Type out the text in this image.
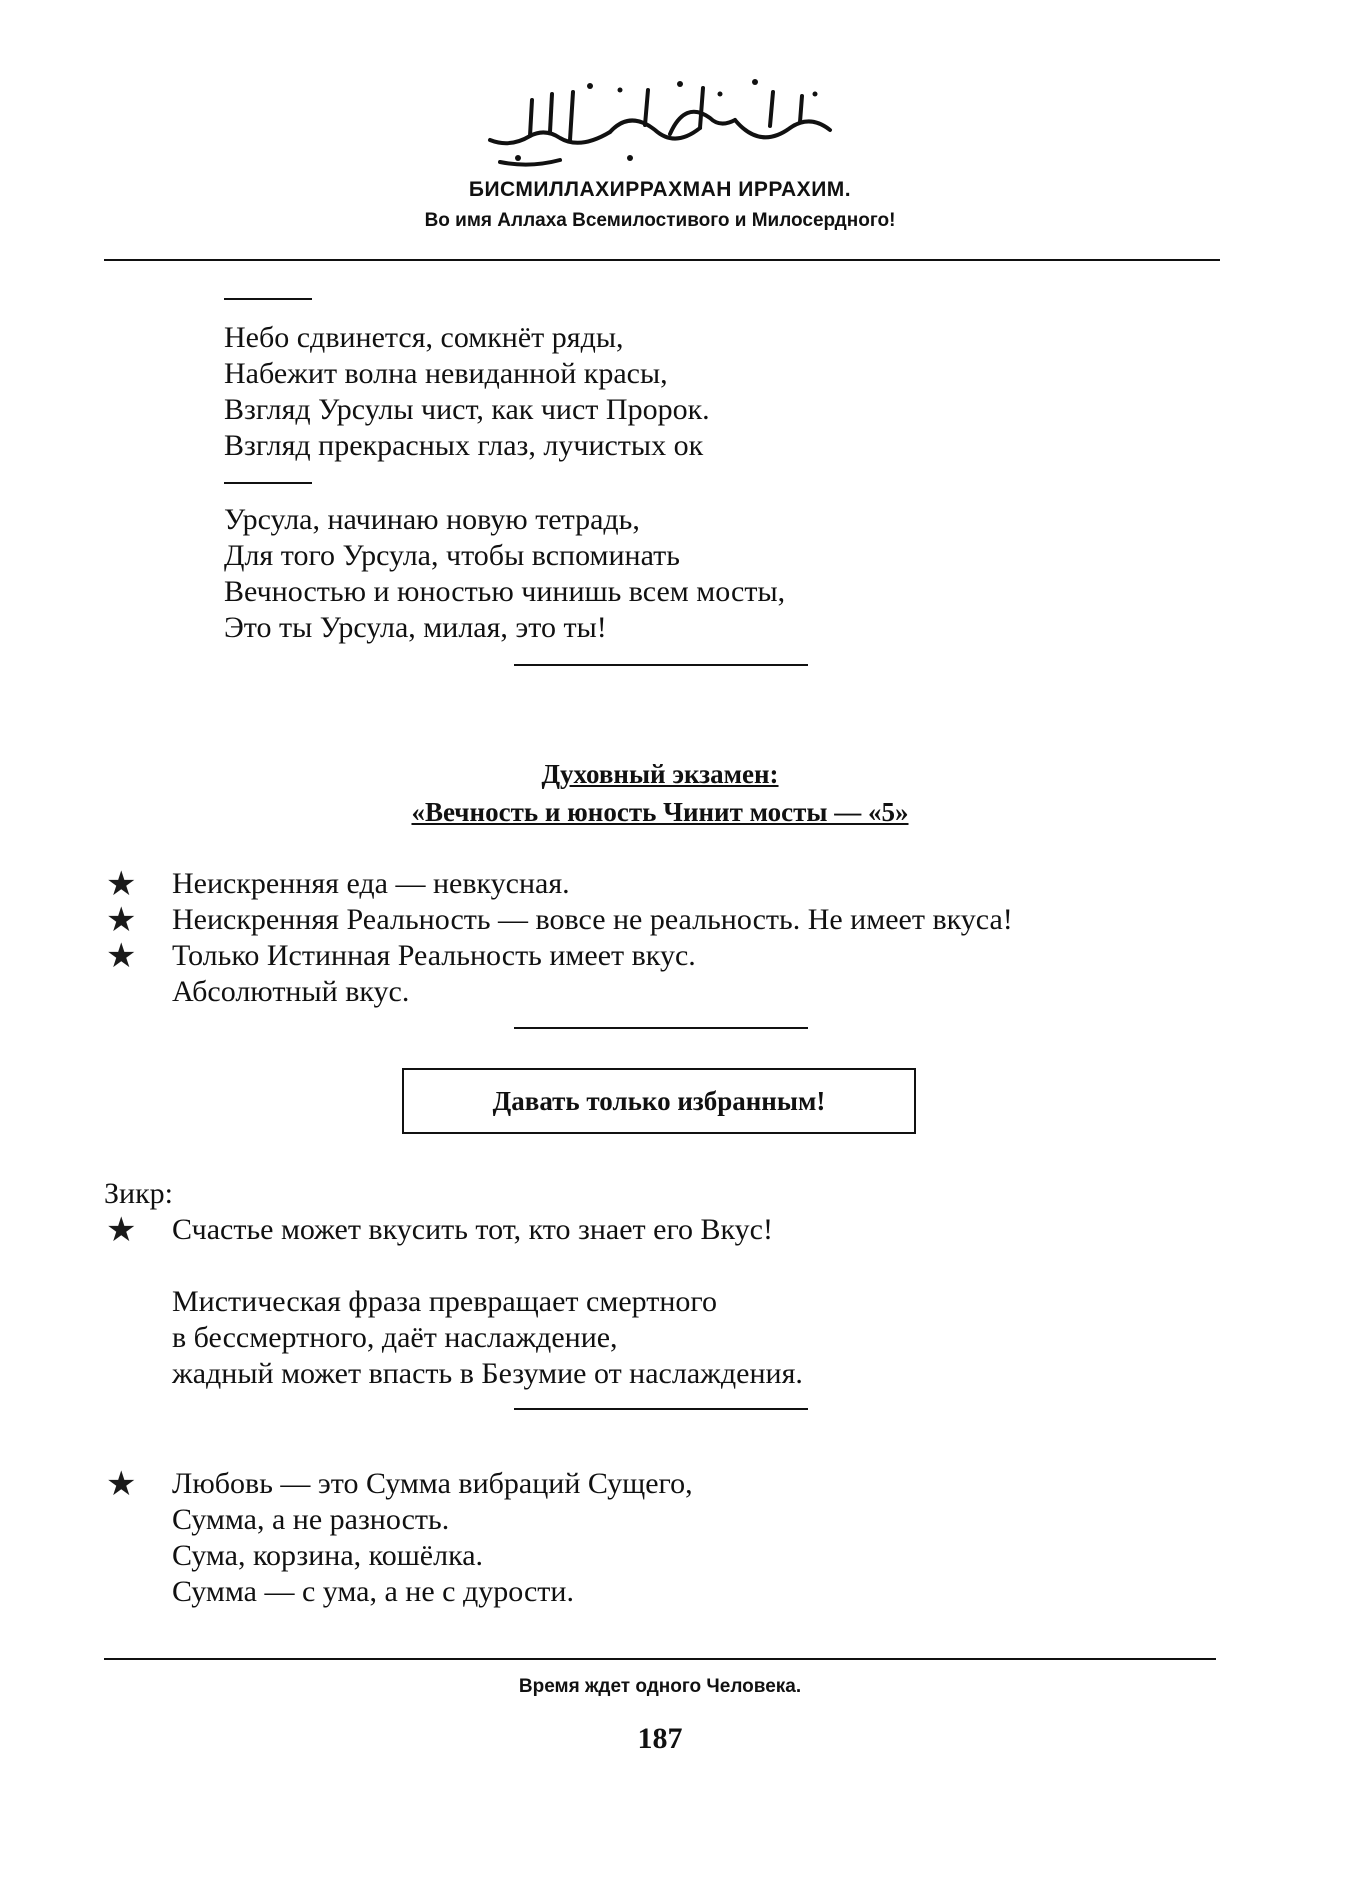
БИСМИЛЛАХИРРАХМАН ИРРАХИМ.
Во имя Аллаха Всемилостивого и Милосердного!
Небо сдвинется, сомкнёт ряды,
Набежит волна невиданной красы,
Взгляд Урсулы чист, как чист Пророк.
Взгляд прекрасных глаз, лучистых ок
Урсула, начинаю новую тетрадь,
Для того Урсула, чтобы вспоминать
Вечностью и юностью чинишь всем мосты,
Это ты Урсула, милая, это ты!
Духовный экзамен:
«Вечность и юность Чинит мосты — «5»
★ Неискренняя еда — невкусная.
★ Неискренняя Реальность — вовсе не реальность. Не имеет вкуса!
★ Только Истинная Реальность имеет вкус.
Абсолютный вкус.
Давать только избранным!
Зикр:
★ Счастье может вкусить тот, кто знает его Вкус!
Мистическая фраза превращает смертного
в бессмертного, даёт наслаждение,
жадный может впасть в Безумие от наслаждения.
★ Любовь — это Сумма вибраций Сущего,
Сумма, а не разность.
Сума, корзина, кошёлка.
Сумма — с ума, а не с дурости.
Время ждет одного Человека.
187
